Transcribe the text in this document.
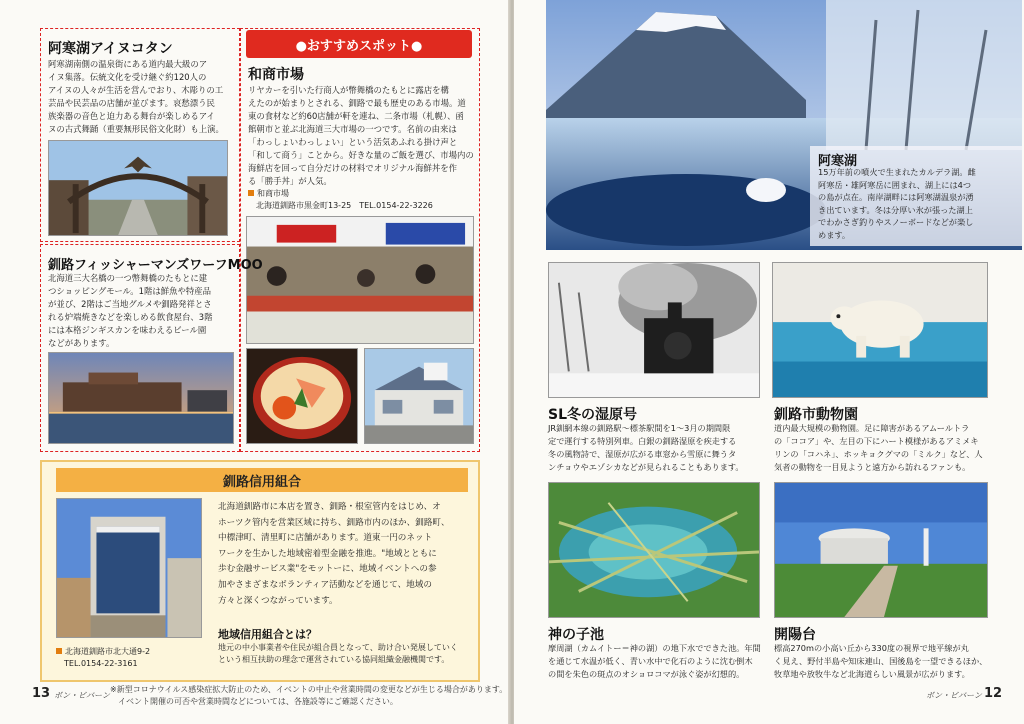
阿寒湖アイヌコタン
阿寒湖南側の温泉街にある道内最大級のア
イヌ集落。伝統文化を受け継ぐ約120人の
アイヌの人々が生活を営んでおり、木彫りの工
芸品や民芸品の店舗が並びます。哀愁漂う民
族楽器の音色と迫力ある舞台が楽しめるアイ
ヌの古式舞踊（重要無形民俗文化財）も上演。
●おすすめスポット●
和商市場
リヤカーを引いた行商人が幣舞橋のたもとに露店を構
えたのが始まりとされる、釧路で最も歴史のある市場。道
東の食材など約60店舗が軒を連ね、二条市場（札幌）、函
館朝市と並ぶ北海道三大市場の一つです。名前の由来は
「わっしょいわっしょい」という活気あふれる掛け声と
「和して商う」ことから。好きな量のご飯を選び、市場内の
海鮮店を回って自分だけの材料でオリジナル海鮮丼を作
る「勝手丼」が人気。
和商市場
北海道釧路市黒金町13-25　TEL.0154-22-3226
釧路フィッシャーマンズワーフMOO
北海道三大名橋の一つ幣舞橋のたもとに建
つショッピングモール。1階は鮮魚や特産品
が並び、2階はご当地グルメや釧路発祥とさ
れる炉端焼きなどを楽しめる飲食屋台、3階
には本格ジンギスカンを味わえるビール園
などがあります。
釧路信用組合
北海道釧路市に本店を置き、釧路・根室管内をはじめ、オ
ホーツク管内を営業区域に持ち、釧路市内のほか、釧路町、
中標津町、清里町に店舗があります。道東一円のネット
ワークを生かした地域密着型金融を推進。"地域とともに
歩む金融サービス業"をモットーに、地域イベントへの参
加やさまざまなボランティア活動などを通じて、地域の
方々と深くつながっています。
地域信用組合とは？
地元の中小事業者や住民が組合員となって、助け合い発展していく
という相互扶助の理念で運営されている協同組織金融機関です。
北海道釧路市北大通9-2
TEL.0154-22-3161
13 ボン・ビバーン
※新型コロナウイルス感染症拡大防止のため、イベントの中止や営業時間の変更などが生じる場合があります。
イベント開催の可否や営業時間などについては、各施設等にご確認ください。
阿寒湖
15万年前の噴火で生まれたカルデラ湖。雌
阿寒岳・雄阿寒岳に囲まれ、湖上には4つ
の島が点在。南岸湖畔には阿寒湖温泉が湧
き出ています。冬は分厚い氷が張った湖上
でわかさぎ釣りやスノーボードなどが楽し
めます。
SL冬の湿原号
JR釧網本線の釧路駅～標茶駅間を1～3月の期間限
定で運行する特別列車。白銀の釧路湿原を疾走する
冬の風物詩で、湿原が広がる車窓から雪原に舞うタ
ンチョウやエゾシカなどが見られることもあります。
釧路市動物園
道内最大規模の動物園。足に障害があるアムールトラ
の「ココア」や、左目の下にハート模様があるアミメキ
リンの「コハネ」、ホッキョクグマの「ミルク」など、人
気者の動物を一目見ようと遠方から訪れるファンも。
神の子池
摩周湖（カムイトー＝神の湖）の地下水でできた池。年間
を通じて水温が低く、青い水中で化石のように沈む倒木
の間を朱色の斑点のオショロコマが泳ぐ姿が幻想的。
開陽台
標高270mの小高い丘から330度の視界で地平線が丸
く見え、野付半島や知床連山、国後島を一望できるほか、
牧草地や放牧牛など北海道らしい風景が広がります。
ボン・ビバーン 12
